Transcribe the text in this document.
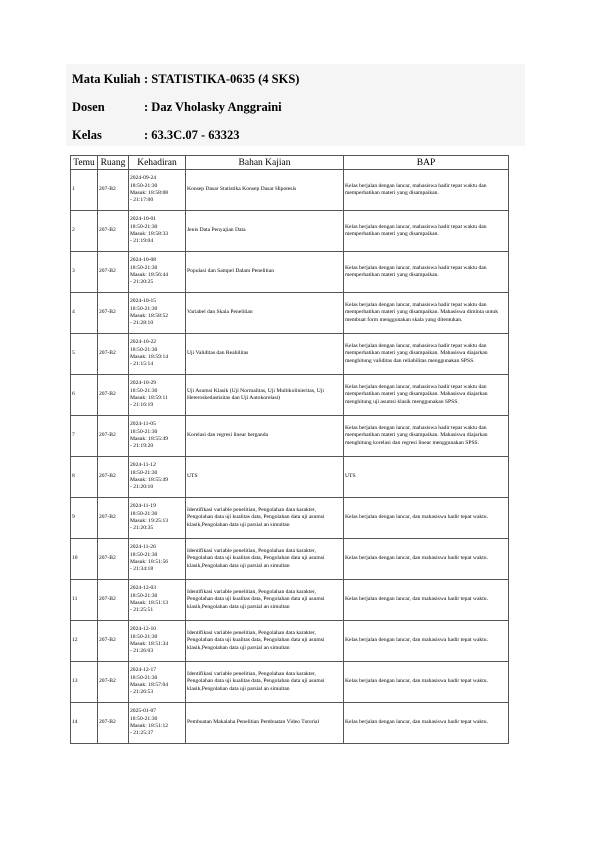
Mata Kuliah : STATISTIKA-0635 (4 SKS)
Dosen	: Daz Vholasky Anggraini
Kelas	: 63.3C.07 - 63323
Temu	Ruang	Kehadiran	Bahan Kajian	BAP
1	207-B2	2024-09-24
18:50-21:30
Masuk: 18:58:08
- 21:17:00	Konsep Dasar Statistika Konsep Dasar Hipotesis	Kelas berjalan dengan lancar, mahasiswa hadir tepat waktu dan memperhatikan materi yang disampaikan.
2	207-B2	2024-10-01
18:50-21:30
Masuk: 18:58:33
- 21:19:04	Jenis Data Penyajian Data	Kelas berjalan dengan lancar, mahasiswa hadir tepat waktu dan memperhatikan materi yang disampaikan.
3	207-B2	2024-10-08
18:50-21:30
Masuk: 18:56:44
- 21:20:25	Populasi dan Sampel Dalam Penelitian	Kelas berjalan dengan lancar, mahasiswa hadir tepat waktu dan memperhatikan materi yang disampaikan.
4	207-B2	2024-10-15
18:50-21:30
Masuk: 18:58:52
- 21:28:10	Variabel dan Skala Penelitian	Kelas berjalan dengan lancar, mahasiswa hadir tepat waktu dan memperhatikan materi yang disampaikan. Mahasiswa diminta untuk membuat form menggunakan skala yang ditentukan.
5	207-B2	2024-10-22
18:50-21:30
Masuk: 18:59:14
- 21:15:14	Uji Validitas dan Reabilitas	Kelas berjalan dengan lancar, mahasiswa hadir tepat waktu dan memperhatikan materi yang disampaikan. Mahasiswa diajarkan menghitung validitas dan reliabilitas menggunakan SPSS.
6	207-B2	2024-10-29
18:50-21:30
Masuk: 18:59:11
- 21:16:19	Uji Asumsi Klasik (Uji Normalitas, Uji Multikolinieritas, Uji Heteroskedastisitas dan Uji Autokorelasi)	Kelas berjalan dengan lancar, mahasiswa hadir tepat waktu dan memperhatikan materi yang disampaikan. Mahasiswa diajarkan menghitung uji asumsi klasik menggunakan SPSS.
7	207-B2	2024-11-05
18:50-21:30
Masuk: 18:55:49
- 21:19:20	Korelasi dan regresi linear berganda	Kelas berjalan dengan lancar, mahasiswa hadir tepat waktu dan memperhatikan materi yang disampaikan. Mahasiswa diajarkan menghitung korelasi dan regresi linear menggunakan SPSS.
8	207-B2	2024-11-12
18:50-21:30
Masuk: 18:55:49
- 21:20:10	UTS	UTS
9	207-B2	2024-11-19
18:50-21:30
Masuk: 19:25:13
- 21:20:35	Identifikasi variable penelitian, Pengolahan data karakter, Pengolahan data uji kualitas data, Pengolahan data uji asumsi klasik,Pengolahan data uji parsial an simultan	Kelas berjalan dengan lancar, dan mahasiswa hadir tepat waktu.
10	207-B2	2024-11-26
18:50-21:30
Masuk: 18:51:56
- 21:34:18	Identifikasi variable penelitian, Pengolahan data karakter, Pengolahan data uji kualitas data, Pengolahan data uji asumsi klasik,Pengolahan data uji parsial an simultan	Kelas berjalan dengan lancar, dan mahasiswa hadir tepat waktu.
11	207-B2	2024-12-03
18:50-21:30
Masuk: 18:51:13
- 21:25:51	Identifikasi variable penelitian, Pengolahan data karakter, Pengolahan data uji kualitas data, Pengolahan data uji asumsi klasik,Pengolahan data uji parsial an simultan	Kelas berjalan dengan lancar, dan mahasiswa hadir tepat waktu.
12	207-B2	2024-12-10
18:50-21:30
Masuk: 18:51:34
- 21:26:03	Identifikasi variable penelitian, Pengolahan data karakter, Pengolahan data uji kualitas data, Pengolahan data uji asumsi klasik,Pengolahan data uji parsial an simultan	Kelas berjalan dengan lancar, dan mahasiswa hadir tepat waktu.
13	207-B2	2024-12-17
18:50-21:30
Masuk: 18:57:04
- 21:26:53	Identifikasi variable penelitian, Pengolahan data karakter, Pengolahan data uji kualitas data, Pengolahan data uji asumsi klasik,Pengolahan data uji parsial an simultan	Kelas berjalan dengan lancar, dan mahasiswa hadir tepat waktu.
14	207-B2	2025-01-07
18:50-21:30
Masuk: 18:51:12
- 21:25:37	Pembuatan Makalaha Penelitian Pembuatan Video Tutorial	Kelas berjalan dengan lancar, dan mahasiswa hadir tepat waktu.
